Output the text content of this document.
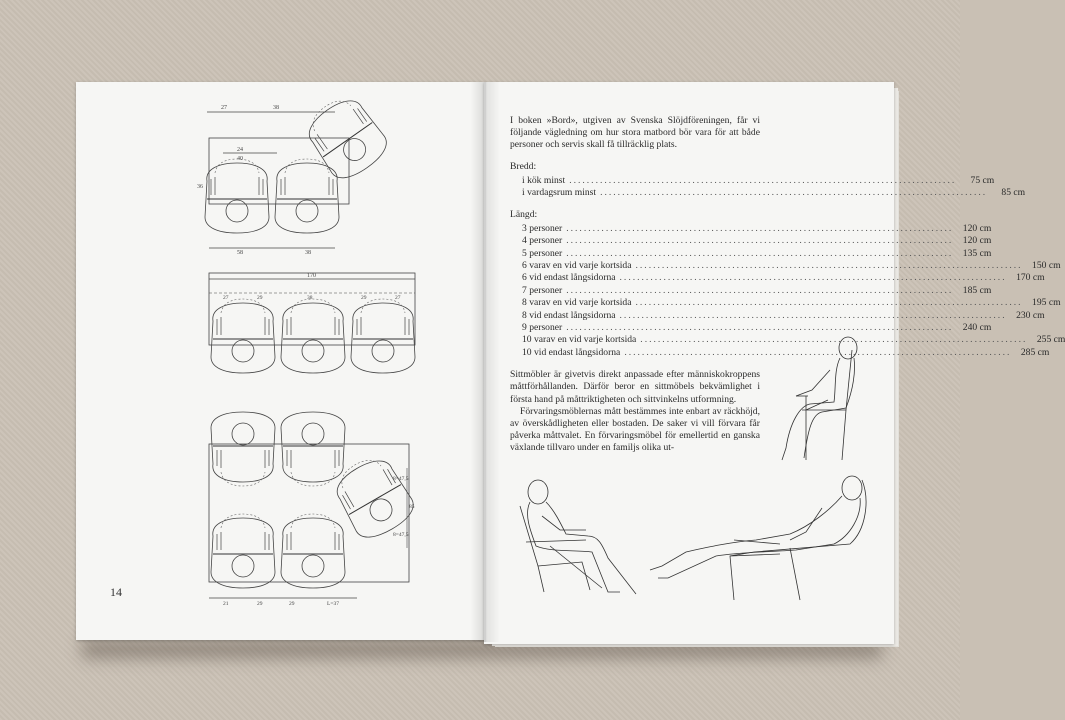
27	38
24
40
36
58	38
170
27	29	38	29	27
8=47,5
85
8=47,5
21	29	29	L=37
14

I boken »Bord», utgiven av Svenska Slöjdföreningen, får vi följande vägledning om hur stora matbord bör vara för att både personer och servis skall få tillräcklig plats.

Bredd:
i kök minst .....	75 cm
i vardagsrum minst .....	85 cm
Längd:
3 personer .....	120 cm
4 personer .....	120 cm
5 personer .....	135 cm
6 varav en vid varje kortsida .....	150 cm
6 vid endast långsidorna .....	170 cm
7 personer .....	185 cm
8 varav en vid varje kortsida .....	195 cm
8 vid endast långsidorna .....	230 cm
9 personer .....	240 cm
10 varav en vid varje kortsida .....	255 cm
10 vid endast långsidorna .....	285 cm

Sittmöbler är givetvis direkt anpassade efter människokroppens måttförhållanden. Därför beror en sittmöbels bekvämlighet i första hand på måttriktigheten och sittvinkelns utformning.

Förvaringsmöblernas mått bestämmes inte enbart av räckhöjd, av överskådligheten eller bostaden. De saker vi vill förvara får påverka måttvalet. En förvaringsmöbel för emellertid en ganska växlande tillvaro under en familjs olika ut-
